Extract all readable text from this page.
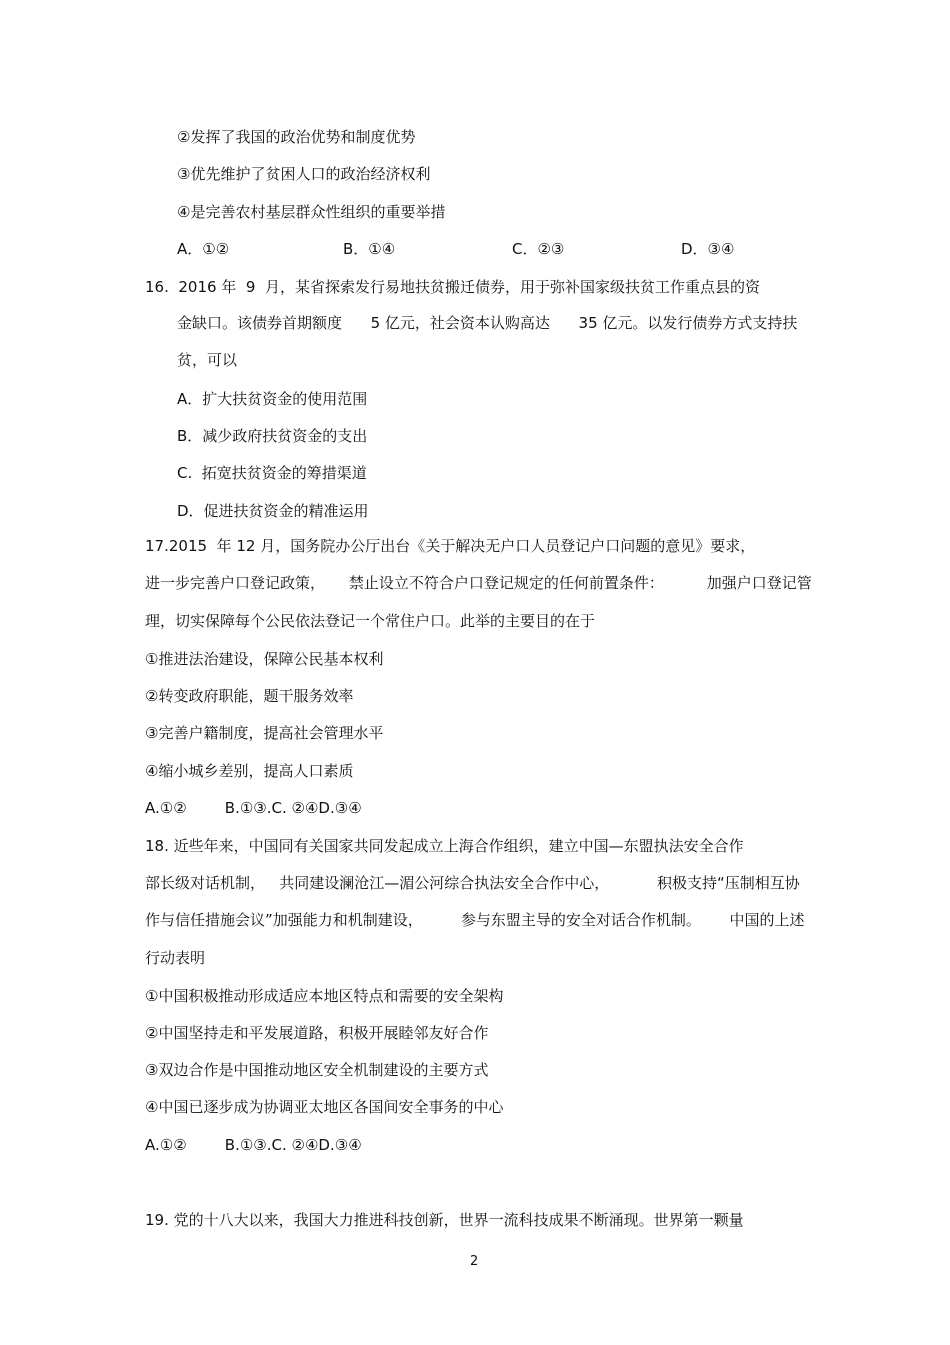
②发挥了我国的政治优势和制度优势
③优先维护了贫困人口的政治经济权利
④是完善农村基层群众性组织的重要举措
A．①②	B．①④	C．②③	D．③④
16.  2016 年  9  月，某省探索发行易地扶贫搬迁债券，用于弥补国家级扶贫工作重点县的资
金缺口。该债券首期额度      5 亿元，社会资本认购高达      35 亿元。以发行债券方式支持扶
贫，可以
A．扩大扶贫资金的使用范围
B．减少政府扶贫资金的支出
C.  拓宽扶贫资金的筹措渠道
D．促进扶贫资金的精准运用
17.2015  年 12 月，国务院办公厅出台《关于解决无户口人员登记户口问题的意见》要求，
进一步完善户口登记政策，     禁止设立不符合户口登记规定的任何前置条件：         加强户口登记管
理，切实保障每个公民依法登记一个常住户口。此举的主要目的在于
①推进法治建设，保障公民基本权利
②转变政府职能，题干服务效率
③完善户籍制度，提高社会管理水平
④缩小城乡差别，提高人口素质
A.①②        B.①③.C. ②④D.③④
18. 近些年来，中国同有关国家共同发起成立上海合作组织，建立中国—东盟执法安全合作
部长级对话机制，   共同建设澜沧江—湄公河综合执法安全合作中心，          积极支持“压制相互协
作与信任措施会议”加强能力和机制建设，        参与东盟主导的安全对话合作机制。      中国的上述
行动表明
①中国积极推动形成适应本地区特点和需要的安全架构
②中国坚持走和平发展道路，积极开展睦邻友好合作
③双边合作是中国推动地区安全机制建设的主要方式
④中国已逐步成为协调亚太地区各国间安全事务的中心
A.①②        B.①③.C. ②④D.③④
19. 党的十八大以来，我国大力推进科技创新，世界一流科技成果不断涌现。世界第一颗量
2
